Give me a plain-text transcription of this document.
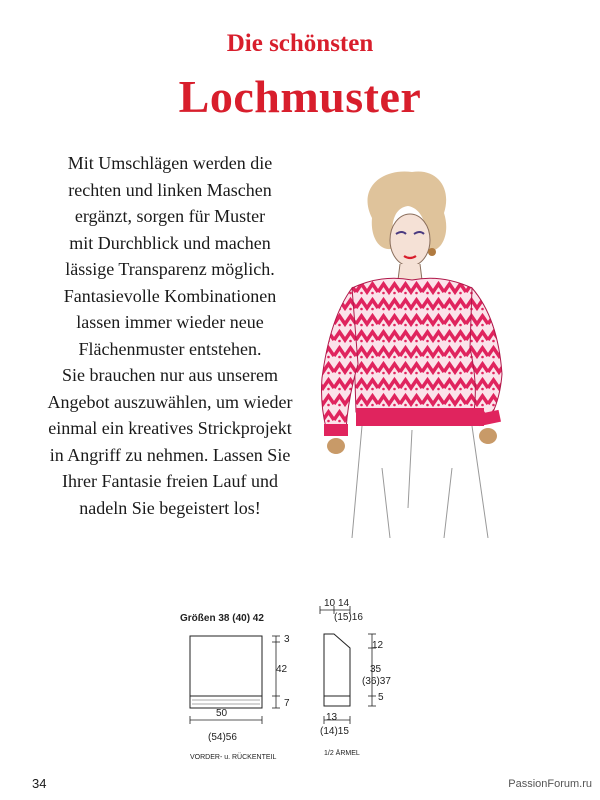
Die schönsten
Lochmuster
Mit Umschlägen werden die
rechten und linken Maschen
ergänzt, sorgen für Muster
mit Durchblick und machen
lässige Transparenz möglich.
Fantasievolle Kombinationen
lassen immer wieder neue
Flächenmuster entstehen.
Sie brauchen nur aus unserem
Angebot auszuwählen, um wieder
einmal ein kreatives Strickprojekt
in Angriff zu nehmen. Lassen Sie
Ihrer Fantasie freien Lauf und
nadeln Sie begeistert los!
Größen 38 (40) 42
3
42
7
50
(54)56
VORDER- u. RÜCKENTEIL
10 14
(15)16
12
35
(36)37
5
13
(14)15
1/2 ÄRMEL
34	PassionForum.ru
